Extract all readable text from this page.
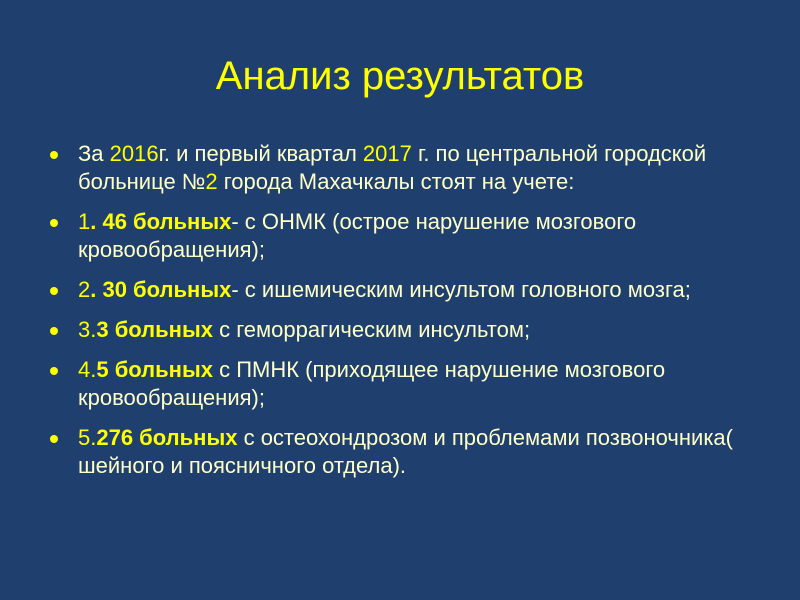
Анализ результатов
За 2016г. и первый квартал 2017 г. по центральной городской больнице №2 города Махачкалы стоят на учете:
1. 46 больных- с ОНМК (острое нарушение мозгового кровообращения);
2. 30 больных- с ишемическим инсультом головного мозга;
3.3 больных с геморрагическим инсультом;
4.5 больных с ПМНК (приходящее нарушение мозгового кровообращения);
5.276 больных с остеохондрозом и проблемами позвоночника( шейного и поясничного отдела).
